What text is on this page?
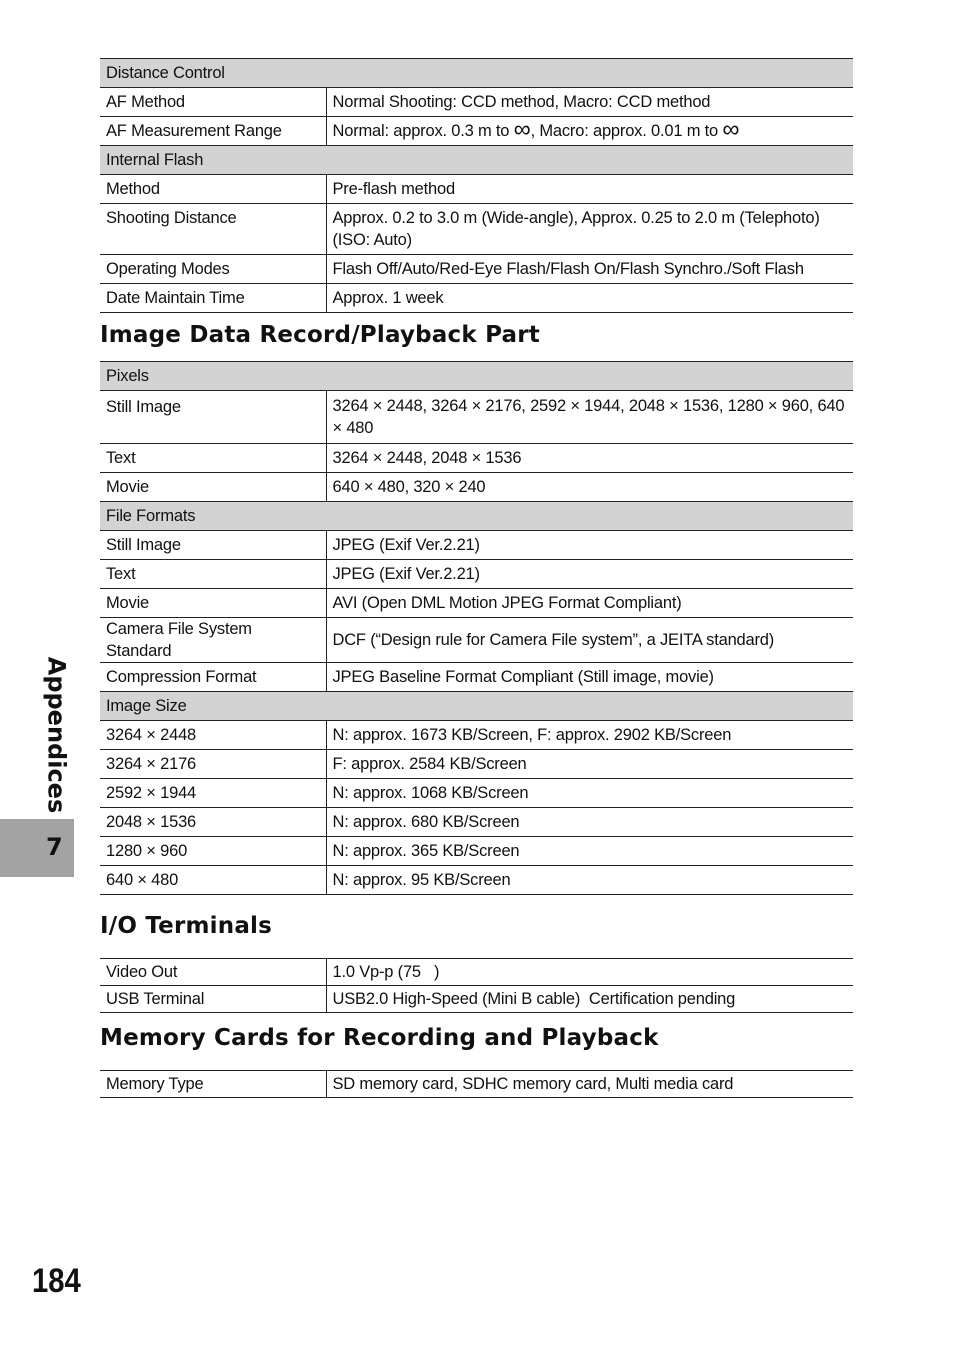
Distance Control	
AF Method	Normal Shooting: CCD method, Macro: CCD method
AF Measurement Range	Normal: approx. 0.3 m to ∞, Macro: approx. 0.01 m to ∞
Internal Flash	
Method	Pre-flash method
Shooting Distance	Approx. 0.2 to 3.0 m (Wide-angle), Approx. 0.25 to 2.0 m (Telephoto) (ISO: Auto)
Operating Modes	Flash Off/Auto/Red-Eye Flash/Flash On/Flash Synchro./Soft Flash
Date Maintain Time	Approx. 1 week
Image Data Record/Playback Part
Pixels	
Still Image	3264 × 2448, 3264 × 2176, 2592 × 1944, 2048 × 1536, 1280 × 960, 640 × 480
Text	3264 × 2448, 2048 × 1536
Movie	640 × 480, 320 × 240
File Formats	
Still Image	JPEG (Exif Ver.2.21)
Text	JPEG (Exif Ver.2.21)
Movie	AVI (Open DML Motion JPEG Format Compliant)
Camera File System Standard	DCF (“Design rule for Camera File system”, a JEITA standard)
Compression Format	JPEG Baseline Format Compliant (Still image, movie)
Image Size	
3264 × 2448	N: approx. 1673 KB/Screen, F: approx. 2902 KB/Screen
3264 × 2176	F: approx. 2584 KB/Screen
2592 × 1944	N: approx. 1068 KB/Screen
2048 × 1536	N: approx. 680 KB/Screen
1280 × 960	N: approx. 365 KB/Screen
640 × 480	N: approx. 95 KB/Screen
I/O Terminals
Video Out	1.0 Vp-p (75   )
USB Terminal	USB2.0 High-Speed (Mini B cable)  Certification pending
Memory Cards for Recording and Playback
Memory Type	SD memory card, SDHC memory card, Multi media card
Appendices
7
184
